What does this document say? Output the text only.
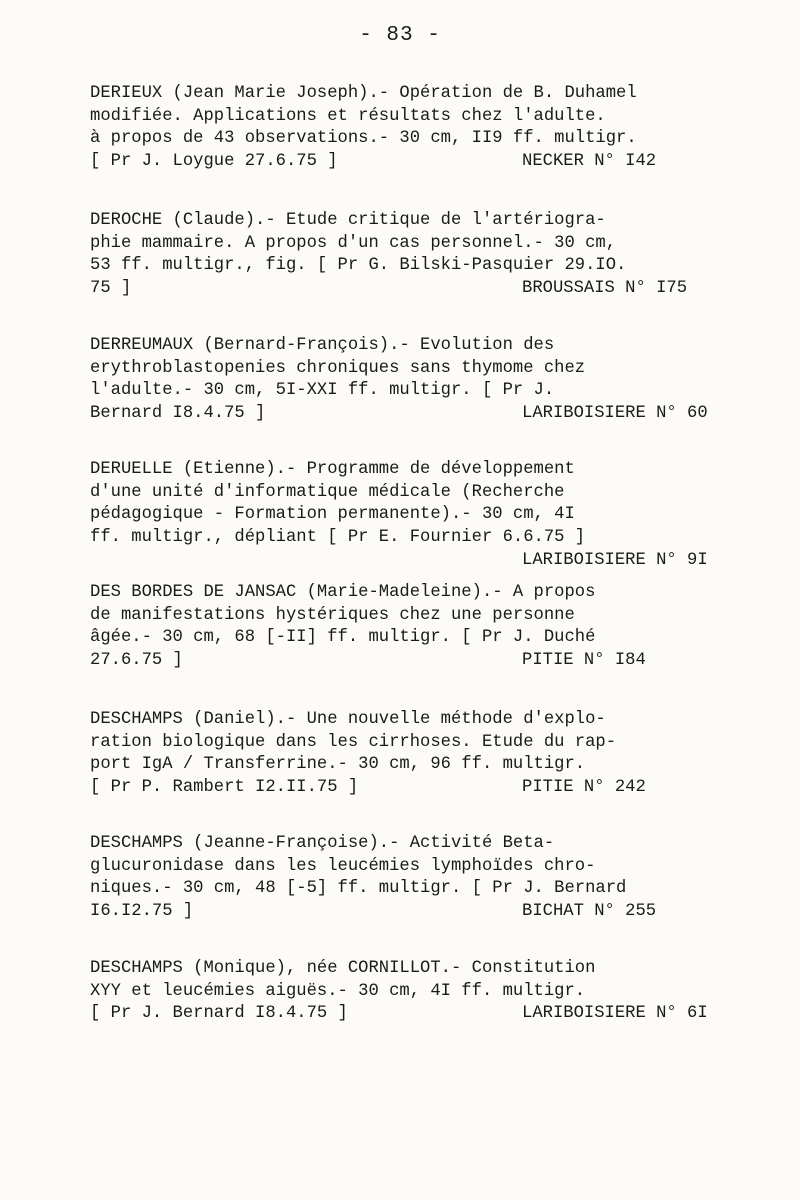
- 83 -
DERIEUX (Jean Marie Joseph).- Opération de B. Duhamel
modifiée. Applications et résultats chez l'adulte.
à propos de 43 observations.- 30 cm, II9 ff. multigr.
[ Pr J. Loygue 27.6.75 ]	NECKER N° I42
DEROCHE (Claude).- Etude critique de l'artériogra-
phie mammaire. A propos d'un cas personnel.- 30 cm,
53 ff. multigr., fig. [ Pr G. Bilski-Pasquier 29.IO.
75 ]	BROUSSAIS N° I75
DERREUMAUX (Bernard-François).- Evolution des
erythroblastopenies chroniques sans thymome chez
l'adulte.- 30 cm, 5I-XXI ff. multigr. [ Pr J.
Bernard I8.4.75 ]	LARIBOISIERE N° 60
DERUELLE (Etienne).- Programme de développement
d'une unité d'informatique médicale (Recherche
pédagogique - Formation permanente).- 30 cm, 4I
ff. multigr., dépliant [ Pr E. Fournier 6.6.75 ]
LARIBOISIERE N° 9I
DES BORDES DE JANSAC (Marie-Madeleine).- A propos
de manifestations hystériques chez une personne
âgée.- 30 cm, 68 [-II] ff. multigr. [ Pr J. Duché
27.6.75 ]	PITIE N° I84
DESCHAMPS (Daniel).- Une nouvelle méthode d'explo-
ration biologique dans les cirrhoses. Etude du rap-
port IgA / Transferrine.- 30 cm, 96 ff. multigr.
[ Pr P. Rambert I2.II.75 ]	PITIE N° 242
DESCHAMPS (Jeanne-Françoise).- Activité Beta-
glucuronidase dans les leucémies lymphoïdes chro-
niques.- 30 cm, 48 [-5] ff. multigr. [ Pr J. Bernard
I6.I2.75 ]	BICHAT N° 255
DESCHAMPS (Monique), née CORNILLOT.- Constitution
XYY et leucémies aiguës.- 30 cm, 4I ff. multigr.
[ Pr J. Bernard I8.4.75 ]	LARIBOISIERE N° 6I
